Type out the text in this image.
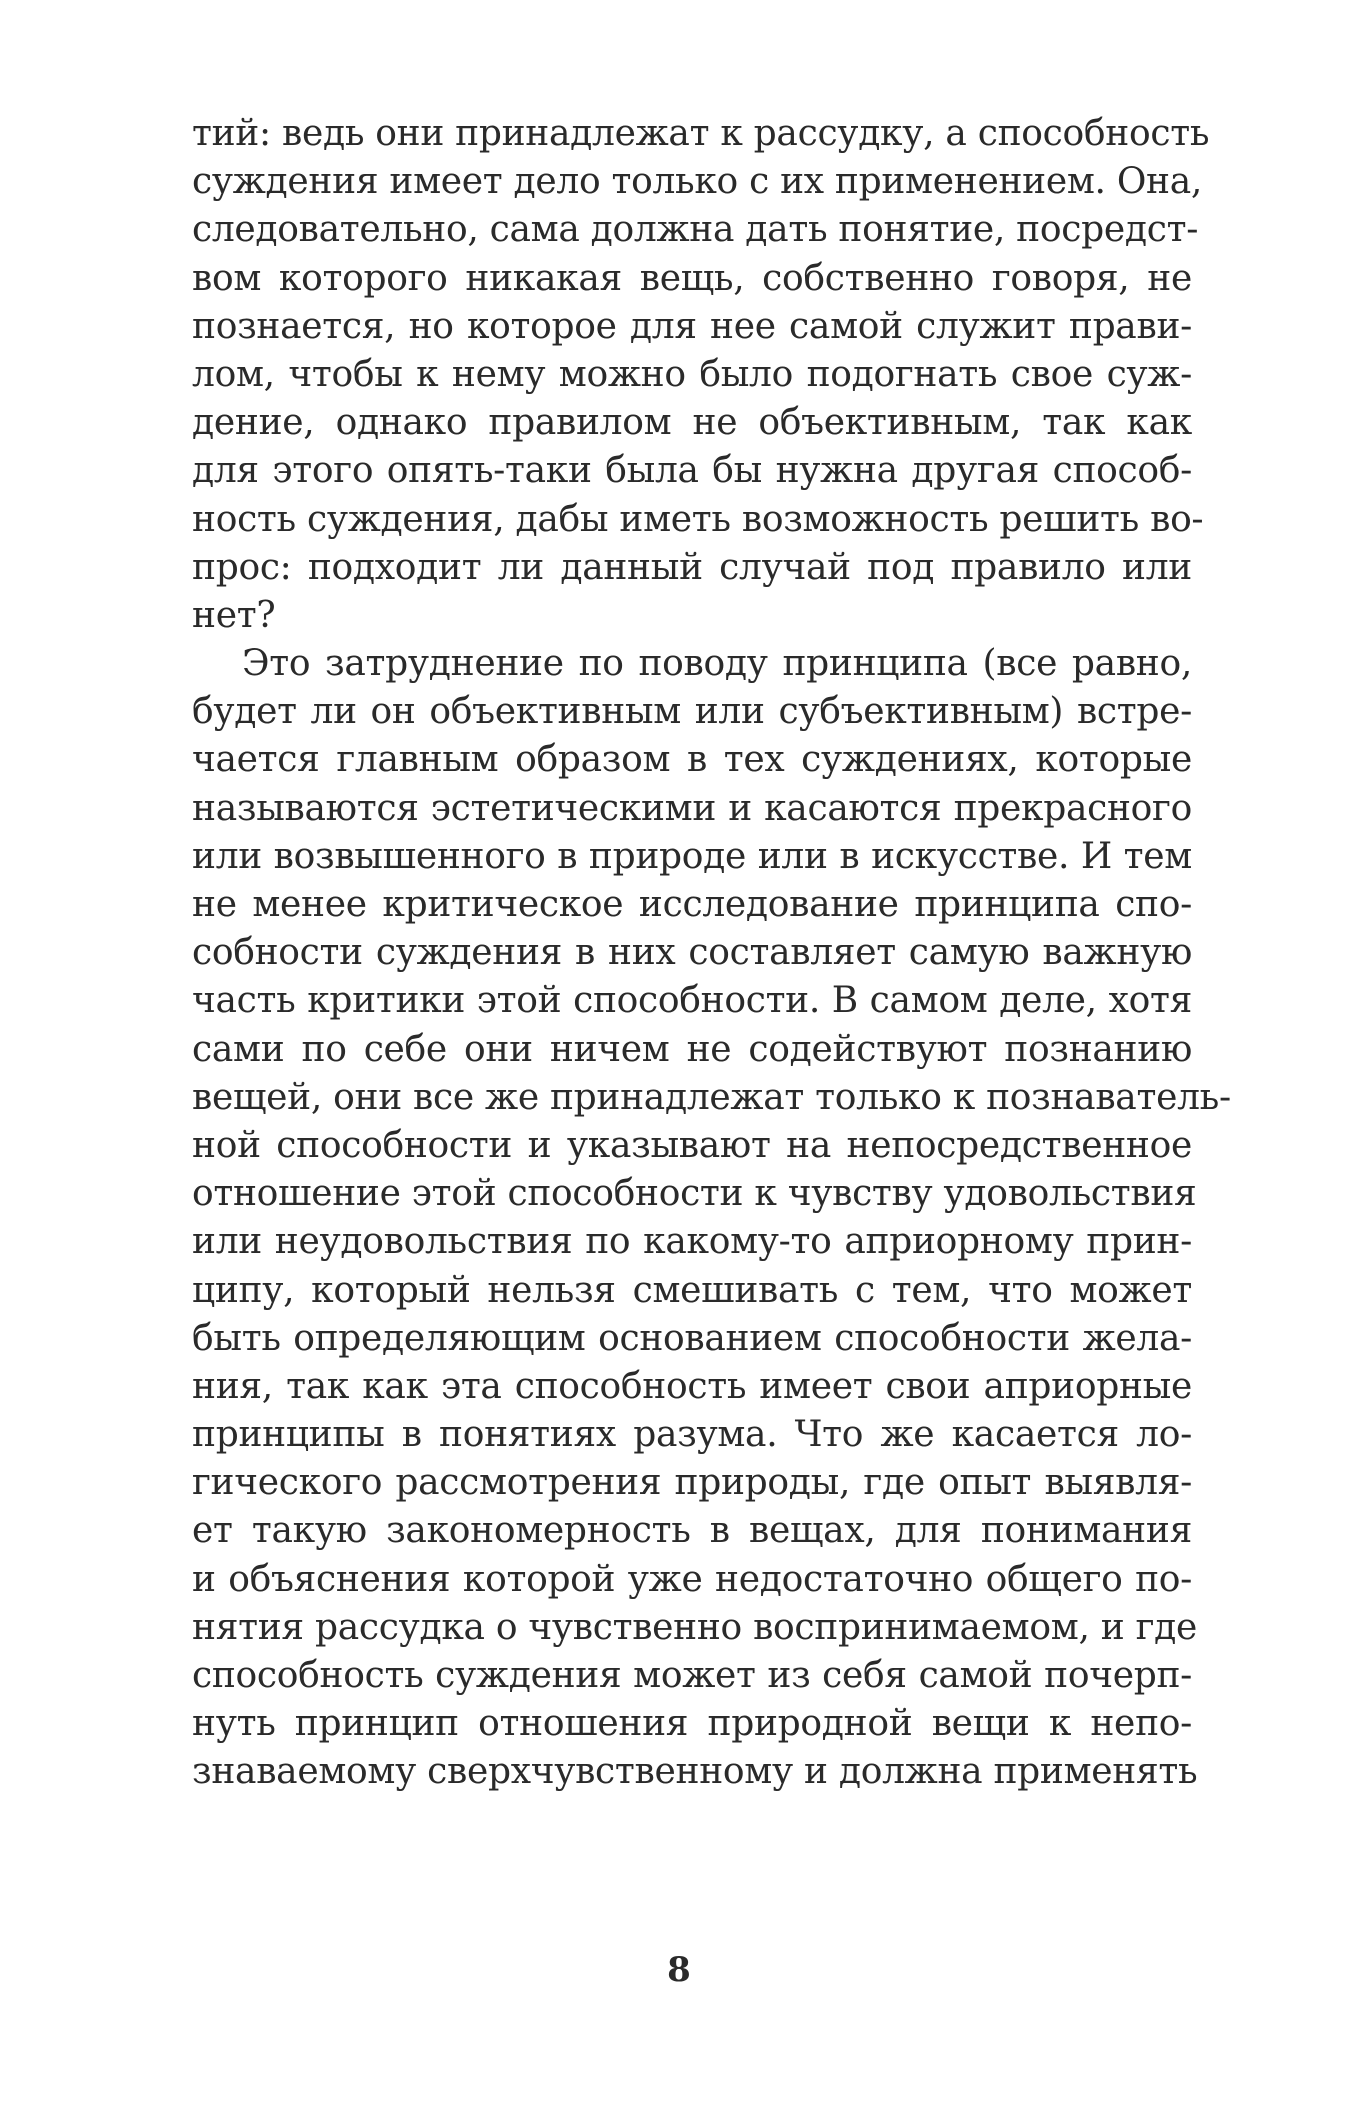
тий: ведь они принадлежат к рассудку, а способность
суждения имеет дело только с их применением. Она,
следовательно, сама должна дать понятие, посредст-
вом которого никакая вещь, собственно говоря, не
познается, но которое для нее самой служит прави-
лом, чтобы к нему можно было подогнать свое суж-
дение, однако правилом не объективным, так как
для этого опять-таки была бы нужна другая способ-
ность суждения, дабы иметь возможность решить во-
прос: подходит ли данный случай под правило или
нет?
Это затруднение по поводу принципа (все равно,
будет ли он объективным или субъективным) встре-
чается главным образом в тех суждениях, которые
называются эстетическими и касаются прекрасного
или возвышенного в природе или в искусстве. И тем
не менее критическое исследование принципа спо-
собности суждения в них составляет самую важную
часть критики этой способности. В самом деле, хотя
сами по себе они ничем не содействуют познанию
вещей, они все же принадлежат только к познаватель-
ной способности и указывают на непосредственное
отношение этой способности к чувству удовольствия
или неудовольствия по какому-то априорному прин-
ципу, который нельзя смешивать с тем, что может
быть определяющим основанием способности жела-
ния, так как эта способность имеет свои априорные
принципы в понятиях разума. Что же касается ло-
гического рассмотрения природы, где опыт выявля-
ет такую закономерность в вещах, для понимания
и объяснения которой уже недостаточно общего по-
нятия рассудка о чувственно воспринимаемом, и где
способность суждения может из себя самой почерп-
нуть принцип отношения природной вещи к непо-
знаваемому сверхчувственному и должна применять
8
